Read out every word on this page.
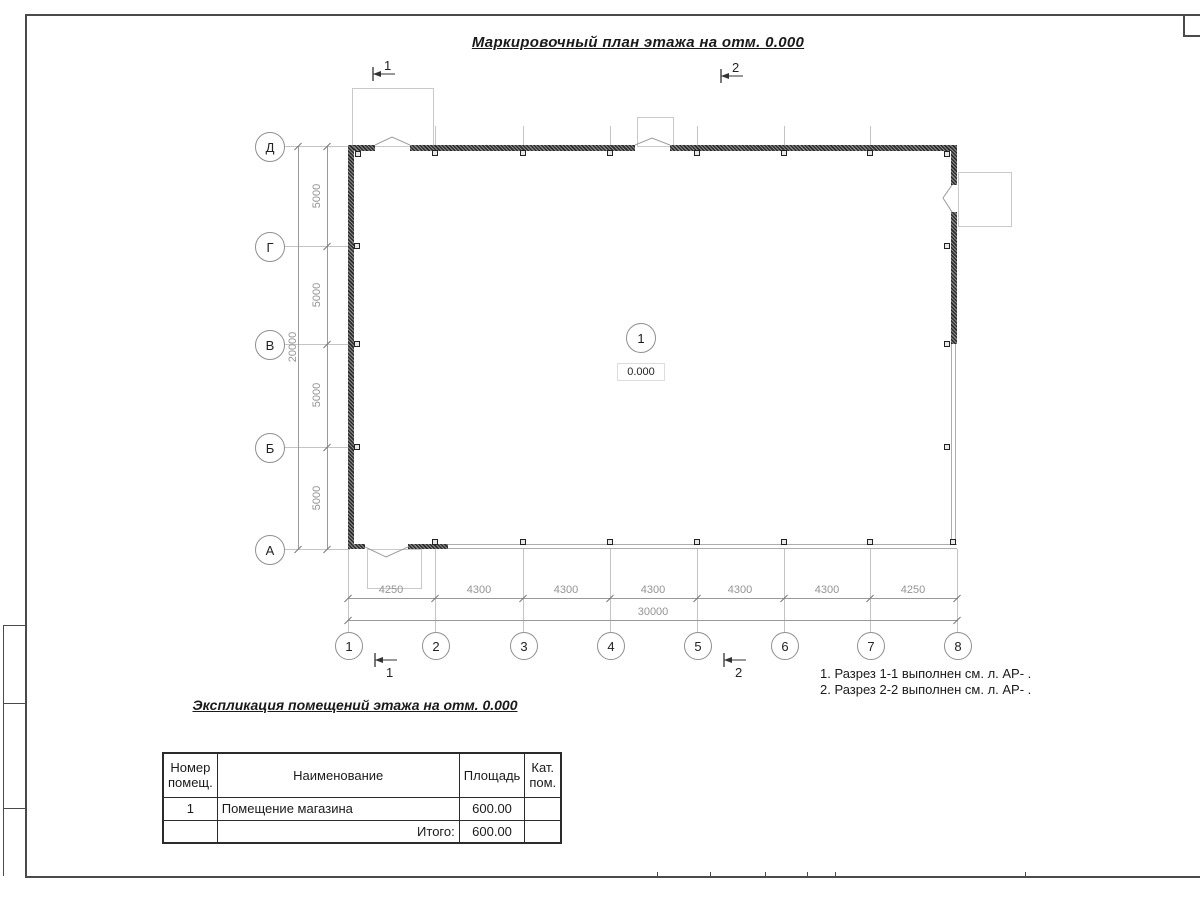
Маркировочный план этажа на отм. 0.000
5000
5000
5000
5000
20000
4250	4300	4300	4300	4300	4300	4250
30000
Д
Г
В
Б
А
1	2	3	4	5	6	7	8
1
0.000
1	2
1	2	1. Разрез 1-1 выполнен см. л. АР- .
2. Разрез 2-2 выполнен см. л. АР- .
Экспликация помещений этажа на отм. 0.000
Номер помещ.	Наименование	Площадь	Кат. пом.
1	Помещение магазина	600.00	
	Итого:	600.00	
